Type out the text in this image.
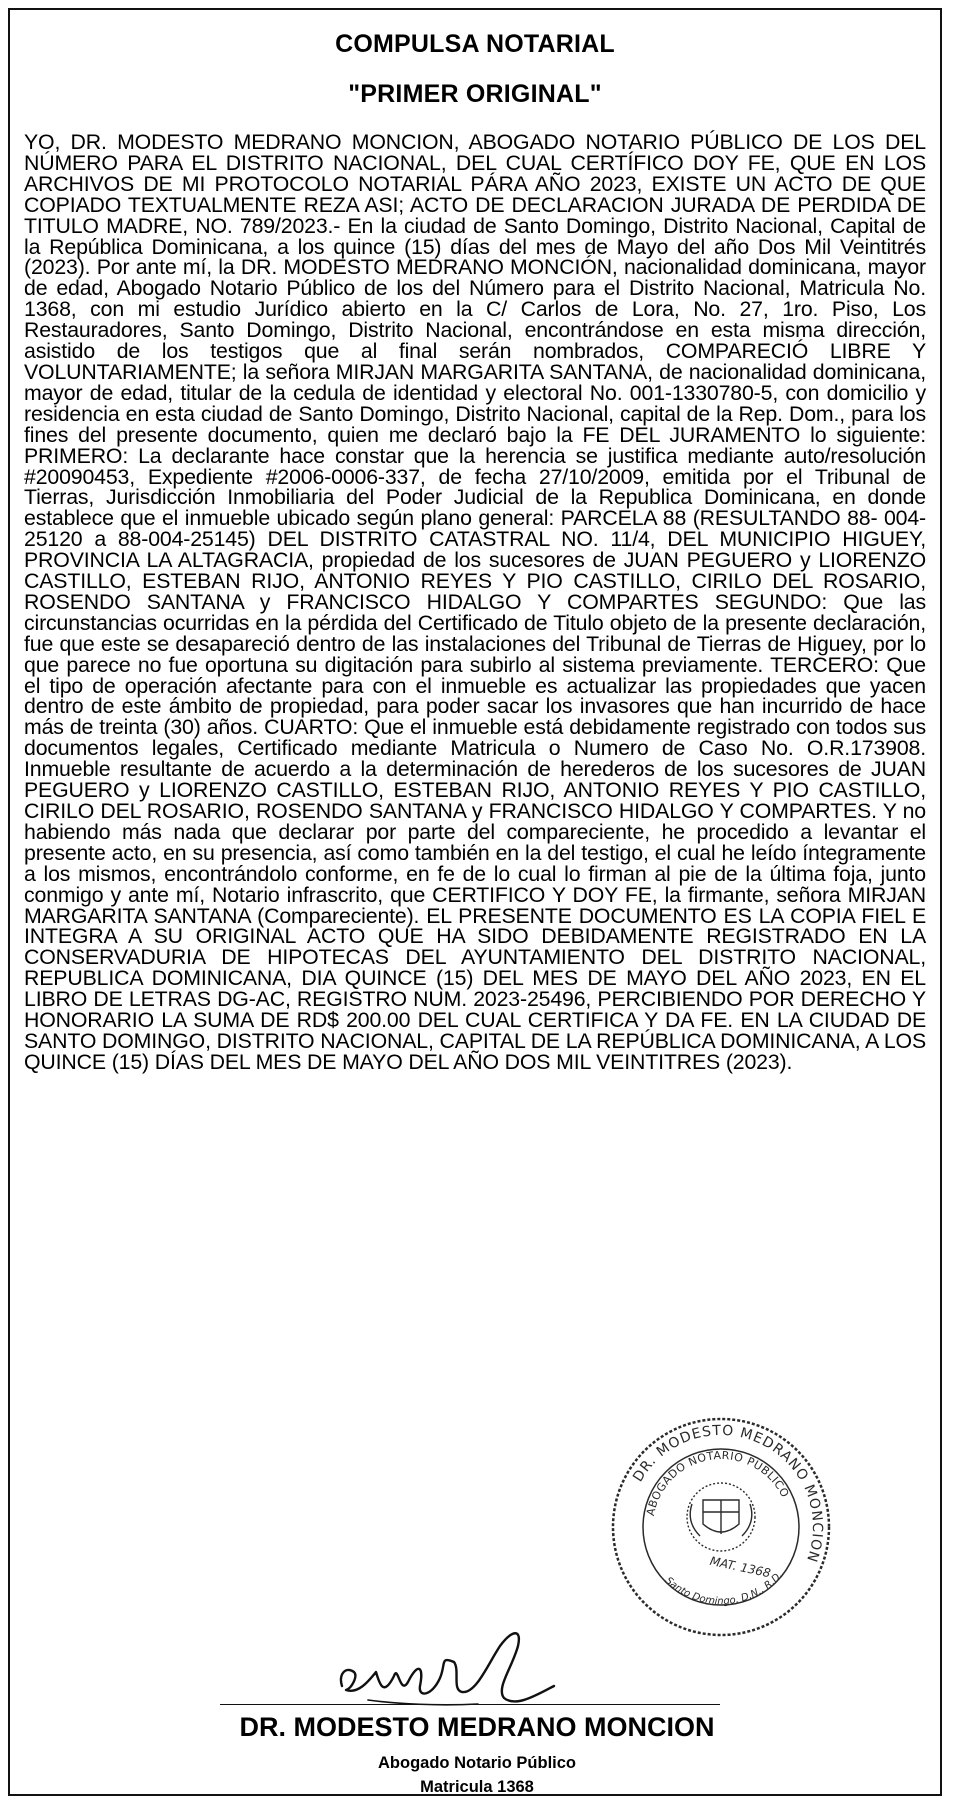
COMPULSA NOTARIAL
"PRIMER ORIGINAL"
YO, DR. MODESTO MEDRANO MONCION, ABOGADO NOTARIO PÚBLICO DE LOS DEL NÚMERO PARA EL DISTRITO NACIONAL, DEL CUAL CERTÍFICO DOY FE, QUE EN LOS ARCHIVOS DE MI PROTOCOLO NOTARIAL PÁRA AÑO 2023, EXISTE UN ACTO DE QUE COPIADO TEXTUALMENTE REZA ASI; ACTO DE DECLARACION JURADA DE PERDIDA DE TITULO MADRE, NO. 789/2023.- En la ciudad de Santo Domingo, Distrito Nacional, Capital de la República Dominicana, a los quince (15) días del mes de Mayo del año Dos Mil Veintitrés (2023). Por ante mí, la DR. MODESTO MEDRANO MONCIÓN, nacionalidad dominicana, mayor de edad, Abogado Notario Público de los del Número para el Distrito Nacional, Matricula No. 1368, con mi estudio Jurídico abierto en la C/ Carlos de Lora, No. 27, 1ro. Piso, Los Restauradores, Santo Domingo, Distrito Nacional, encontrándose en esta misma dirección, asistido de los testigos que al final serán nombrados, COMPARECIÓ LIBRE Y VOLUNTARIAMENTE; la señora MIRJAN MARGARITA SANTANA, de nacionalidad dominicana, mayor de edad, titular de la cedula de identidad y electoral No. 001-1330780-5, con domicilio y residencia en esta ciudad de Santo Domingo, Distrito Nacional, capital de la Rep. Dom., para los fines del presente documento, quien me declaró bajo la FE DEL JURAMENTO lo siguiente: PRIMERO: La declarante hace constar que la herencia se justifica mediante auto/resolución #20090453, Expediente #2006-0006-337, de fecha 27/10/2009, emitida por el Tribunal de Tierras, Jurisdicción Inmobiliaria del Poder Judicial de la Republica Dominicana, en donde establece que el inmueble ubicado según plano general: PARCELA 88 (RESULTANDO 88- 004-25120 a 88-004-25145) DEL DISTRITO CATASTRAL NO. 11/4, DEL MUNICIPIO HIGUEY, PROVINCIA LA ALTAGRACIA, propiedad de los sucesores de JUAN PEGUERO y LIORENZO CASTILLO, ESTEBAN RIJO, ANTONIO REYES Y PIO CASTILLO, CIRILO DEL ROSARIO, ROSENDO SANTANA y FRANCISCO HIDALGO Y COMPARTES SEGUNDO: Que las circunstancias ocurridas en la pérdida del Certificado de Titulo objeto de la presente declaración, fue que este se desapareció dentro de las instalaciones del Tribunal de Tierras de Higuey, por lo que parece no fue oportuna su digitación para subirlo al sistema previamente. TERCERO: Que el tipo de operación afectante para con el inmueble es actualizar las propiedades que yacen dentro de este ámbito de propiedad, para poder sacar los invasores que han incurrido de hace más de treinta (30) años. CUARTO: Que el inmueble está debidamente registrado con todos sus documentos legales, Certificado mediante Matricula o Numero de Caso No. O.R.173908. Inmueble resultante de acuerdo a la determinación de herederos de los sucesores de JUAN PEGUERO y LIORENZO CASTILLO, ESTEBAN RIJO, ANTONIO REYES Y PIO CASTILLO, CIRILO DEL ROSARIO, ROSENDO SANTANA y FRANCISCO HIDALGO Y COMPARTES. Y no habiendo más nada que declarar por parte del compareciente, he procedido a levantar el presente acto, en su presencia, así como también en la del testigo, el cual he leído íntegramente a los mismos, encontrándolo conforme, en fe de lo cual lo firman al pie de la última foja, junto conmigo y ante mí, Notario infrascrito, que CERTIFICO Y DOY FE, la firmante, señora MIRJAN MARGARITA SANTANA (Compareciente). EL PRESENTE DOCUMENTO ES LA COPIA FIEL E INTEGRA A SU ORIGINAL ACTO QUE HA SIDO DEBIDAMENTE REGISTRADO EN LA CONSERVADURIA DE HIPOTECAS DEL AYUNTAMIENTO DEL DISTRITO NACIONAL, REPUBLICA DOMINICANA, DIA QUINCE (15) DEL MES DE MAYO DEL AÑO 2023, EN EL LIBRO DE LETRAS DG-AC, REGISTRO NUM. 2023-25496, PERCIBIENDO POR DERECHO Y HONORARIO LA SUMA DE RD$ 200.00 DEL CUAL CERTIFICA Y DA FE. EN LA CIUDAD DE SANTO DOMINGO, DISTRITO NACIONAL, CAPITAL DE LA REPÚBLICA DOMINICANA, A LOS QUINCE (15) DÍAS DEL MES DE MAYO DEL AÑO DOS MIL VEINTITRES (2023).
DR. MODESTO MEDRANO MONCION
ABOGADO NOTARIO PUBLICO
Santo Domingo, D.N., R.D.
MAT. 1368
DR. MODESTO MEDRANO MONCION
Abogado Notario Público
Matricula 1368
